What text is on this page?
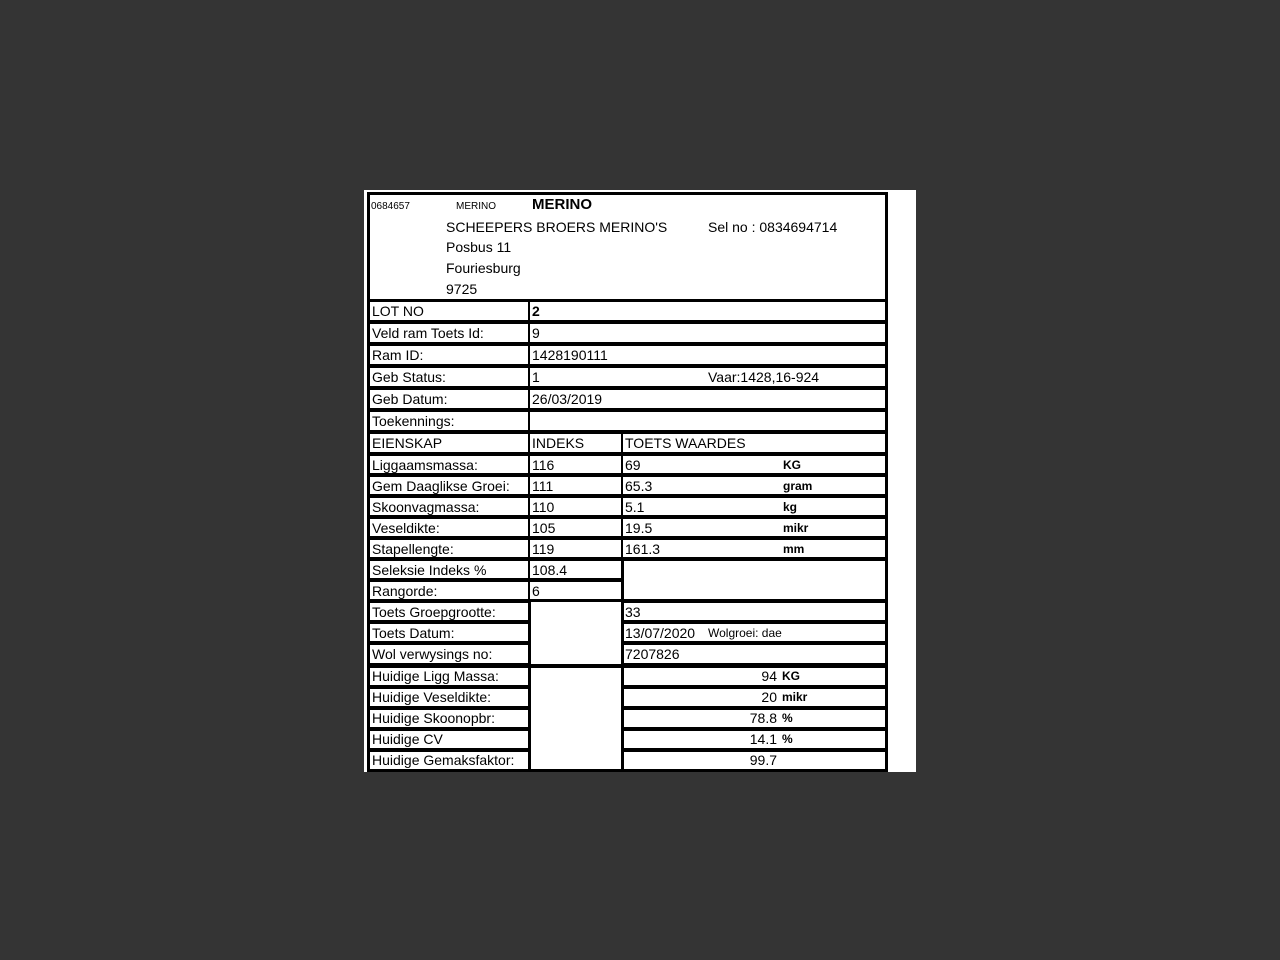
0684657	MERINO MERINO
SCHEEPERS BROERS MERINO'S	Sel no : 0834694714
Posbus 11
Fouriesburg
9725
LOT NO	2
Veld ram Toets Id:	9
Ram ID:	1428190111
Geb Status:	1	Vaar:1428,16-924
Geb Datum:	26/03/2019
Toekennings:
EIENSKAP	INDEKS	TOETS WAARDES
Liggaamsmassa:	116	69	KG
Gem Daaglikse Groei: 111	65.3	gram
Skoonvagmassa:	110	5.1	kg
Veseldikte:	105	19.5	mikr
Stapellengte:	119	161.3	mm
Seleksie Indeks %	108.4
Rangorde:	6
Toets Groepgrootte:	33
Toets Datum:	13/07/2020 Wolgroei: dae
Wol verwysings no:	7207826
Huidige Ligg Massa:	94 KG
Huidige Veseldikte:	20 mikr
Huidige Skoonopbr:	78.8 %
Huidige CV	14.1 %
Huidige Gemaksfaktor:	99.7
